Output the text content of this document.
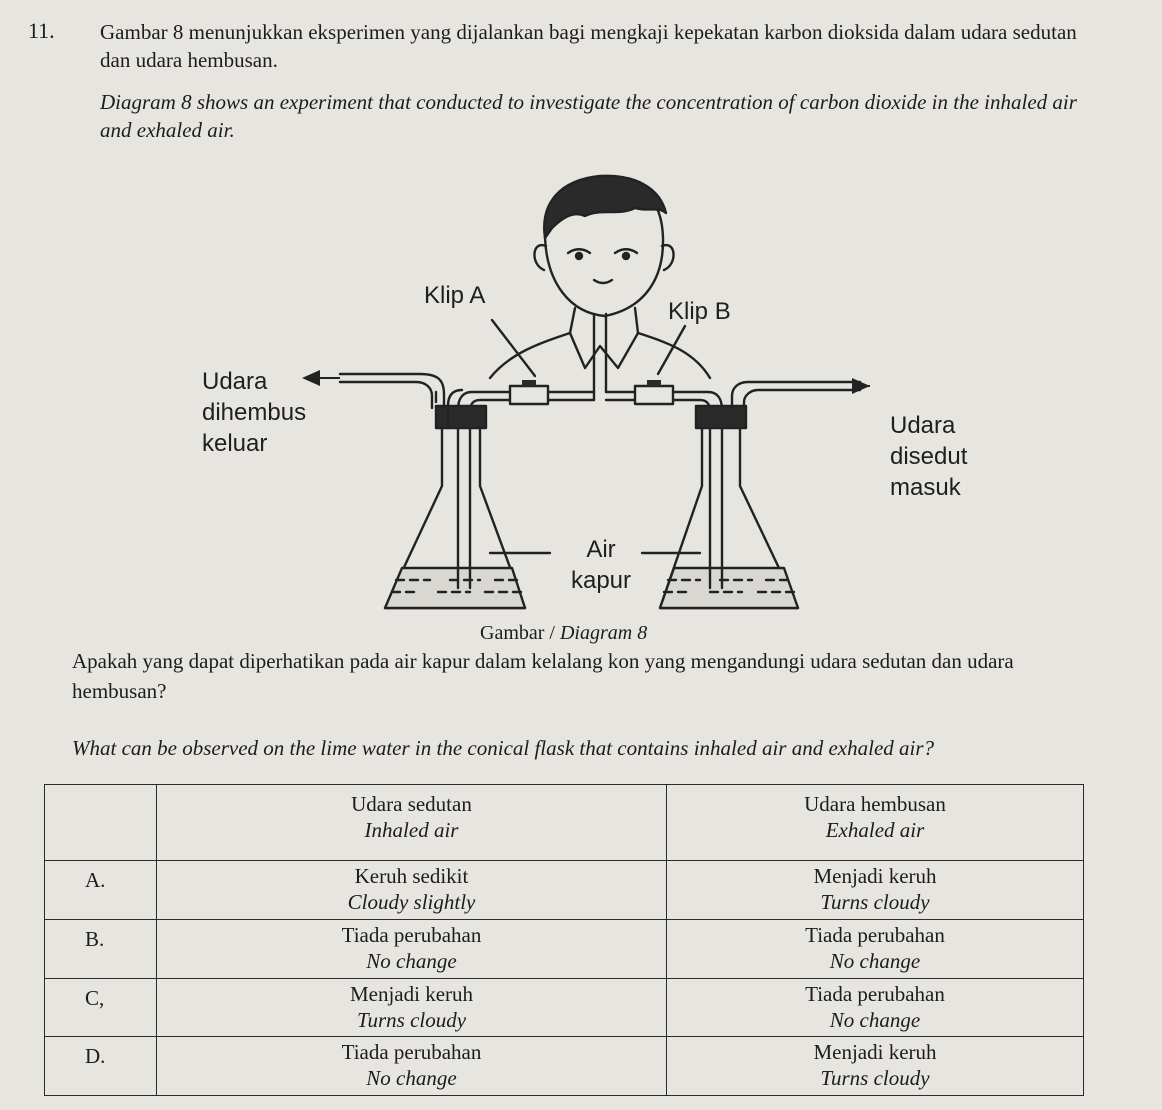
11. Gambar 8 menunjukkan eksperimen yang dijalankan bagi mengkaji kepekatan karbon dioksida dalam udara sedutan dan udara hembusan.
Diagram 8 shows an experiment that conducted to investigate the concentration of carbon dioxide in the inhaled air and exhaled air.
Klip A
Klip B
Udara dihembus keluar
Udara disedut masuk
Air kapur
Gambar / Diagram 8
Apakah yang dapat diperhatikan pada air kapur dalam kelalang kon yang mengandungi udara sedutan dan udara hembusan?
What can be observed on the lime water in the conical flask that contains inhaled air and exhaled air?

	Udara sedutan
Inhaled air	Udara hembusan
Exhaled air

A.	Keruh sedikit
Cloudy slightly	Menjadi keruh
Turns cloudy

B.	Tiada perubahan
No change	Tiada perubahan
No change

C,	Menjadi keruh
Turns cloudy	Tiada perubahan
No change

D.	Tiada perubahan
No change	Menjadi keruh
Turns cloudy
